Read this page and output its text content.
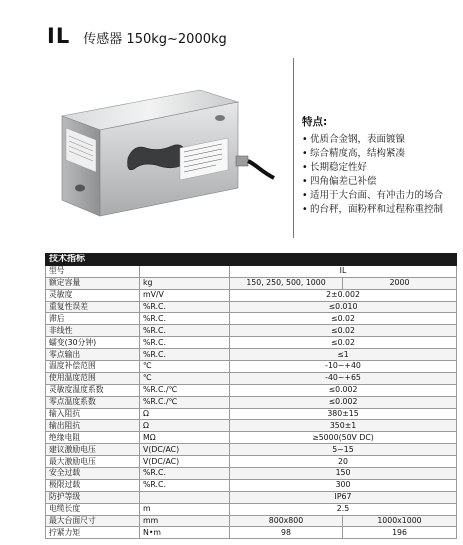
IL 传感器 150kg~2000kg
特点:
• 优质合金钢，表面镀镍
• 综合精度高，结构紧凑
• 长期稳定性好
• 四角偏差已补偿
• 适用于大台面、有冲击力的场合
• 的台秤，面粉秤和过程称重控制
技术指标			
型号		IL	
额定容量	kg	150, 250, 500, 1000	2000
灵敏度	mV/V	2±0.002	
重复性误差	%R.C.	≤0.010	
滞后	%R.C.	≤0.02	
非线性	%R.C.	≤0.02	
蠕变(30分钟)	%R.C.	≤0.02	
零点输出	%R.C.	≤1	
温度补偿范围	℃	-10~+40	
使用温度范围	℃	-40~+65	
灵敏度温度系数	%R.C./℃	≤0.002	
零点温度系数	%R.C./℃	≤0.002	
输入阻抗	Ω	380±15	
输出阻抗	Ω	350±1	
绝缘电阻	MΩ	≥5000(50V DC)	
建议激励电压	V(DC/AC)	5~15	
最大激励电压	V(DC/AC)	20	
安全过载	%R.C.	150	
极限过载	%R.C.	300	
防护等级		IP67	
电缆长度	m	2.5	
最大台面尺寸	mm	800x800	1000x1000
拧紧力矩	N•m	98	196
